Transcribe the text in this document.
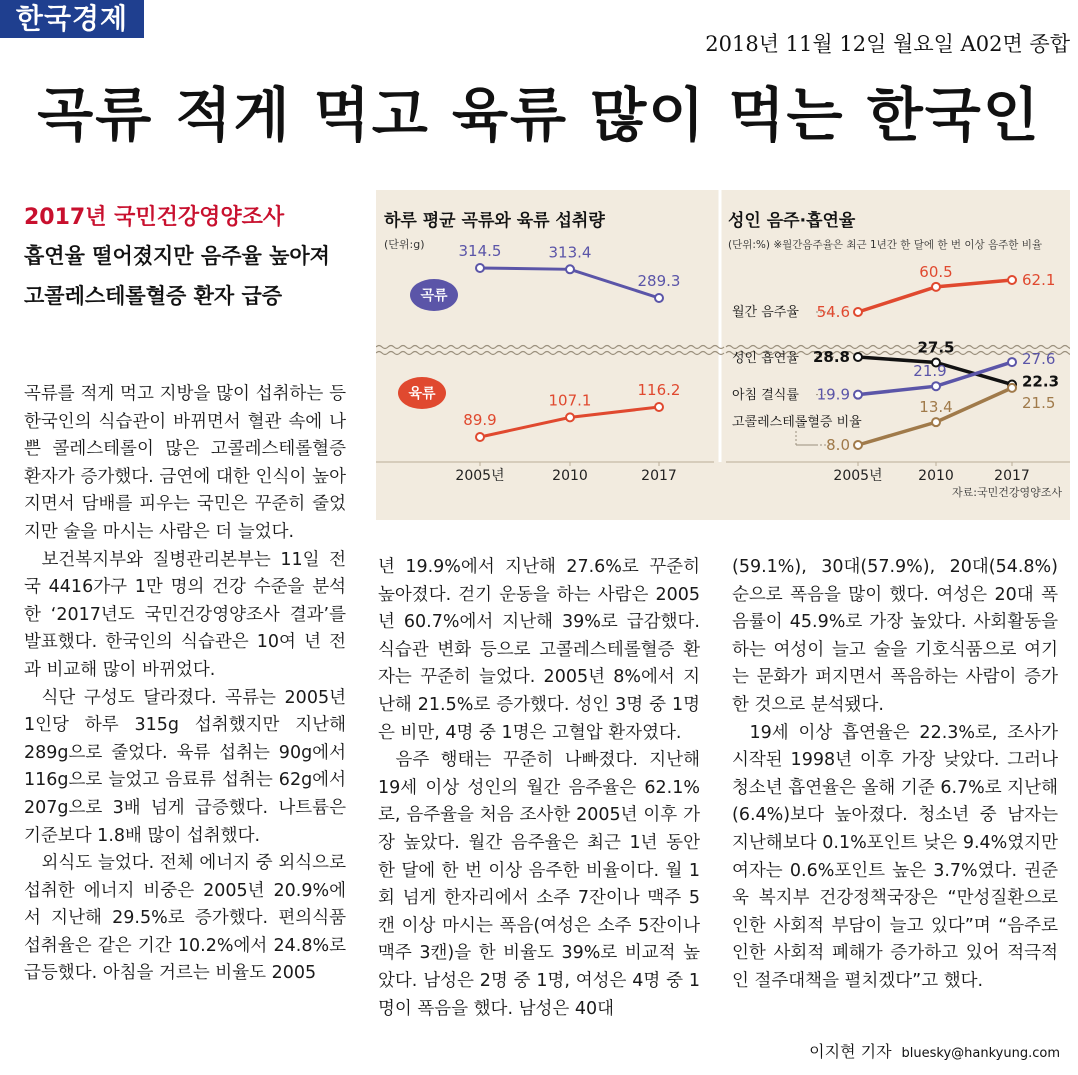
한국경제
2018년 11월 12일 월요일 A02면 종합
곡류 적게 먹고 육류 많이 먹는 한국인
2017년 국민건강영양조사
흡연율 떨어졌지만 음주율 높아져
고콜레스테롤혈증 환자 급증

곡류를 적게 먹고 지방을 많이 섭취하는 등 한국인의 식습관이 바뀌면서 혈관 속에 나쁜 콜레스테롤이 많은 고콜레스테롤혈증 환자가 증가했다. 금연에 대한 인식이 높아지면서 담배를 피우는 국민은 꾸준히 줄었지만 술을 마시는 사람은 더 늘었다.

보건복지부와 질병관리본부는 11일 전국 4416가구 1만 명의 건강 수준을 분석한 ‘2017년도 국민건강영양조사 결과’를 발표했다. 한국인의 식습관은 10여 년 전과 비교해 많이 바뀌었다.

식단 구성도 달라졌다. 곡류는 2005년 1인당 하루 315g 섭취했지만 지난해 289g으로 줄었다. 육류 섭취는 90g에서 116g으로 늘었고 음료류 섭취는 62g에서 207g으로 3배 넘게 급증했다. 나트륨은 기준보다 1.8배 많이 섭취했다.

외식도 늘었다. 전체 에너지 중 외식으로 섭취한 에너지 비중은 2005년 20.9%에서 지난해 29.5%로 증가했다. 편의식품 섭취율은 같은 기간 10.2%에서 24.8%로 급등했다. 아침을 거르는 비율도 2005

하루 평균 곡류와 육류 섭취량
(단위:g) 314.5	313.4
289.3
곡류
89.9
107.1
116.2
육류
2005년	2010	2017
성인 음주·흡연율
(단위:%) ※월간음주율은 최근 1년간 한 달에 한 번 이상 음주한 비율
월간 음주율
성인 흡연율
아침 결식률
고콜레스테롤혈증 비율
54.6
60.5	62.1
28.8
27.5
22.3
19.9
21.9
27.6
8.0
13.4	21.5
2005년	2010	2017
자료:국민건강영양조사

년 19.9%에서 지난해 27.6%로 꾸준히 높아졌다. 걷기 운동을 하는 사람은 2005년 60.7%에서 지난해 39%로 급감했다. 식습관 변화 등으로 고콜레스테롤혈증 환자는 꾸준히 늘었다. 2005년 8%에서 지난해 21.5%로 증가했다. 성인 3명 중 1명은 비만, 4명 중 1명은 고혈압 환자였다.

음주 행태는 꾸준히 나빠졌다. 지난해 19세 이상 성인의 월간 음주율은 62.1%로, 음주율을 처음 조사한 2005년 이후 가장 높았다. 월간 음주율은 최근 1년 동안 한 달에 한 번 이상 음주한 비율이다. 월 1회 넘게 한자리에서 소주 7잔이나 맥주 5캔 이상 마시는 폭음(여성은 소주 5잔이나 맥주 3캔)을 한 비율도 39%로 비교적 높았다. 남성은 2명 중 1명, 여성은 4명 중 1명이 폭음을 했다. 남성은 40대

(59.1%), 30대(57.9%), 20대(54.8%) 순으로 폭음을 많이 했다. 여성은 20대 폭음률이 45.9%로 가장 높았다. 사회활동을 하는 여성이 늘고 술을 기호식품으로 여기는 문화가 퍼지면서 폭음하는 사람이 증가한 것으로 분석됐다.

19세 이상 흡연율은 22.3%로, 조사가 시작된 1998년 이후 가장 낮았다. 그러나 청소년 흡연율은 올해 기준 6.7%로 지난해(6.4%)보다 높아졌다. 청소년 중 남자는 지난해보다 0.1%포인트 낮은 9.4%였지만 여자는 0.6%포인트 높은 3.7%였다. 권준욱 복지부 건강정책국장은 “만성질환으로 인한 사회적 부담이 늘고 있다”며 “음주로 인한 사회적 폐해가 증가하고 있어 적극적인 절주대책을 펼치겠다”고 했다.

이지현 기자 bluesky@hankyung.com
